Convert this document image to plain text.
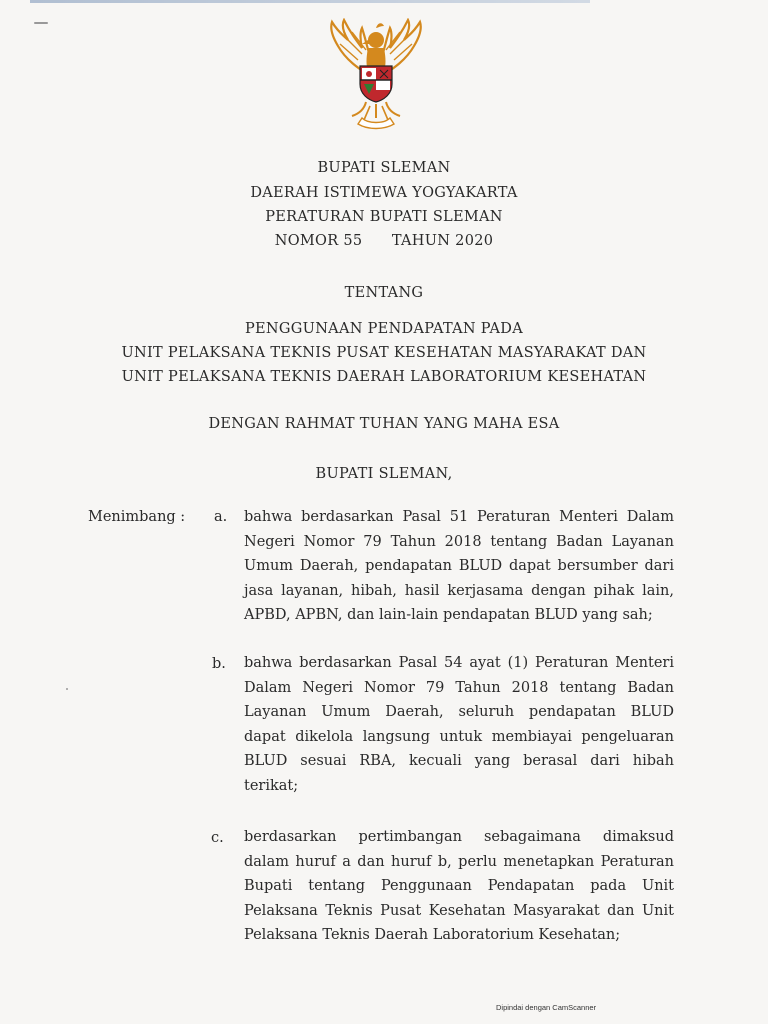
BUPATI SLEMAN
DAERAH ISTIMEWA YOGYAKARTA
PERATURAN BUPATI SLEMAN
NOMOR 55      TAHUN 2020
TENTANG
PENGGUNAAN PENDAPATAN PADA
UNIT PELAKSANA TEKNIS PUSAT KESEHATAN MASYARAKAT DAN
UNIT PELAKSANA TEKNIS DAERAH LABORATORIUM KESEHATAN
DENGAN RAHMAT TUHAN YANG MAHA ESA
BUPATI SLEMAN,
Menimbang : a. bahwa berdasarkan Pasal 51 Peraturan Menteri Dalam
Negeri Nomor 79 Tahun 2018 tentang Badan Layanan
Umum Daerah, pendapatan BLUD dapat bersumber dari
jasa layanan, hibah, hasil kerjasama dengan pihak lain,
APBD, APBN, dan lain-lain pendapatan BLUD yang sah;
b. bahwa berdasarkan Pasal 54 ayat (1) Peraturan Menteri
Dalam Negeri Nomor 79 Tahun 2018 tentang Badan
Layanan Umum Daerah, seluruh pendapatan BLUD
dapat dikelola langsung untuk membiayai pengeluaran
BLUD sesuai RBA, kecuali yang berasal dari hibah
terikat;
c. berdasarkan pertimbangan sebagaimana dimaksud
dalam huruf a dan huruf b, perlu menetapkan Peraturan
Bupati tentang Penggunaan Pendapatan pada Unit
Pelaksana Teknis Pusat Kesehatan Masyarakat dan Unit
Pelaksana Teknis Daerah Laboratorium Kesehatan;
Dipindai dengan CamScanner
